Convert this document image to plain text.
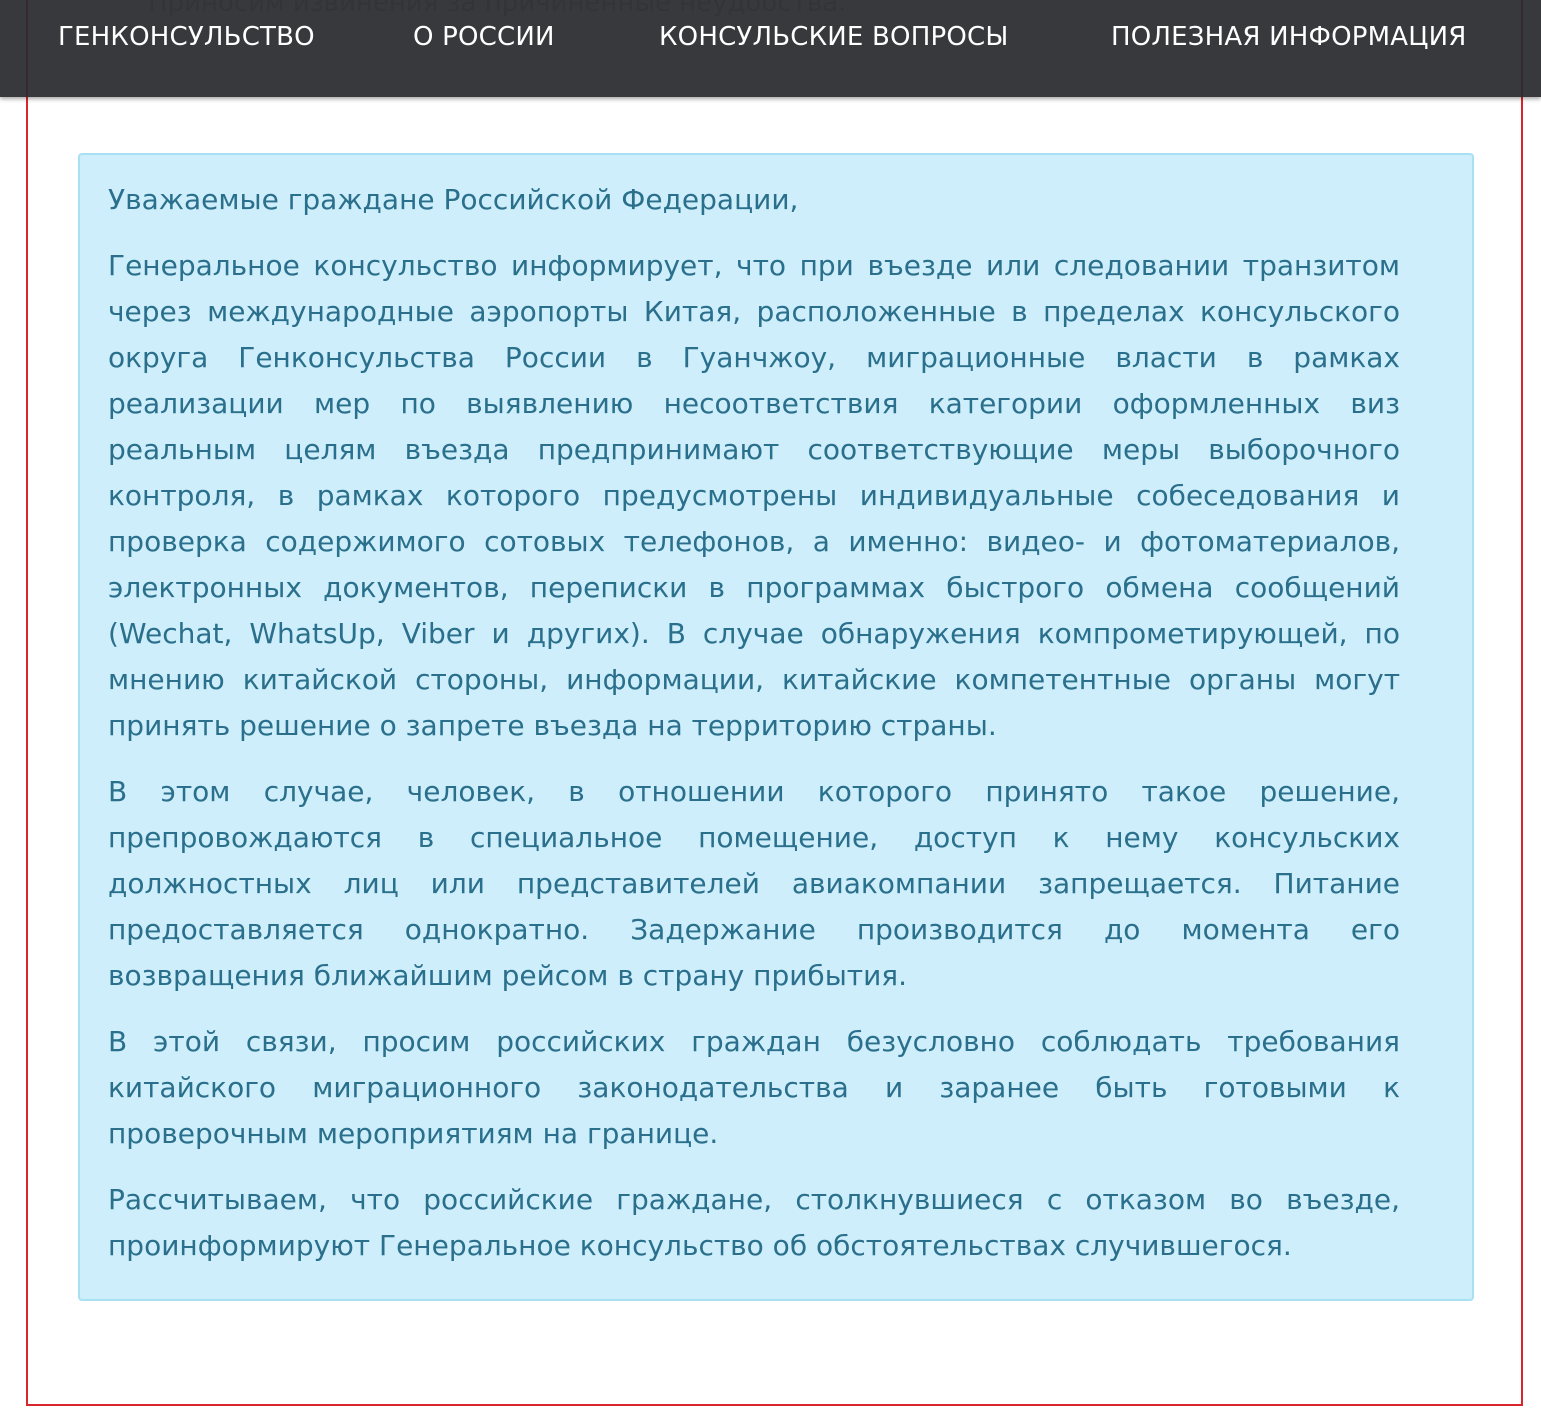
ГЕНКОНСУЛЬСТВО	О РОССИИ	КОНСУЛЬСКИЕ ВОПРОСЫ	ПОЛЕЗНАЯ ИНФОРМАЦИЯ

Уважаемые граждане Российской Федерации,

Генеральное консульство информирует, что при въезде или следовании транзитом через международные аэропорты Китая, расположенные в пределах консульского округа Генконсульства России в Гуанчжоу, миграционные власти в рамках реализации мер по выявлению несоответствия категории оформленных виз реальным целям въезда предпринимают соответствующие меры выборочного контроля, в рамках которого предусмотрены индивидуальные собеседования и проверка содержимого сотовых телефонов, а именно: видео- и фотоматериалов, электронных документов, переписки в программах быстрого обмена сообщений (Wechat, WhatsUp, Viber и других). В случае обнаружения компрометирующей, по мнению китайской стороны, информации, китайские компетентные органы могут принять решение о запрете въезда на территорию страны.

В этом случае, человек, в отношении которого принято такое решение, препровождаются в специальное помещение, доступ к нему консульских должностных лиц или представителей авиакомпании запрещается. Питание предоставляется однократно. Задержание производится до момента его возвращения ближайшим рейсом в страну прибытия.

В этой связи, просим российских граждан безусловно соблюдать требования китайского миграционного законодательства и заранее быть готовыми к проверочным мероприятиям на границе.

Рассчитываем, что российские граждане, столкнувшиеся с отказом во въезде, проинформируют Генеральное консульство об обстоятельствах случившегося.
